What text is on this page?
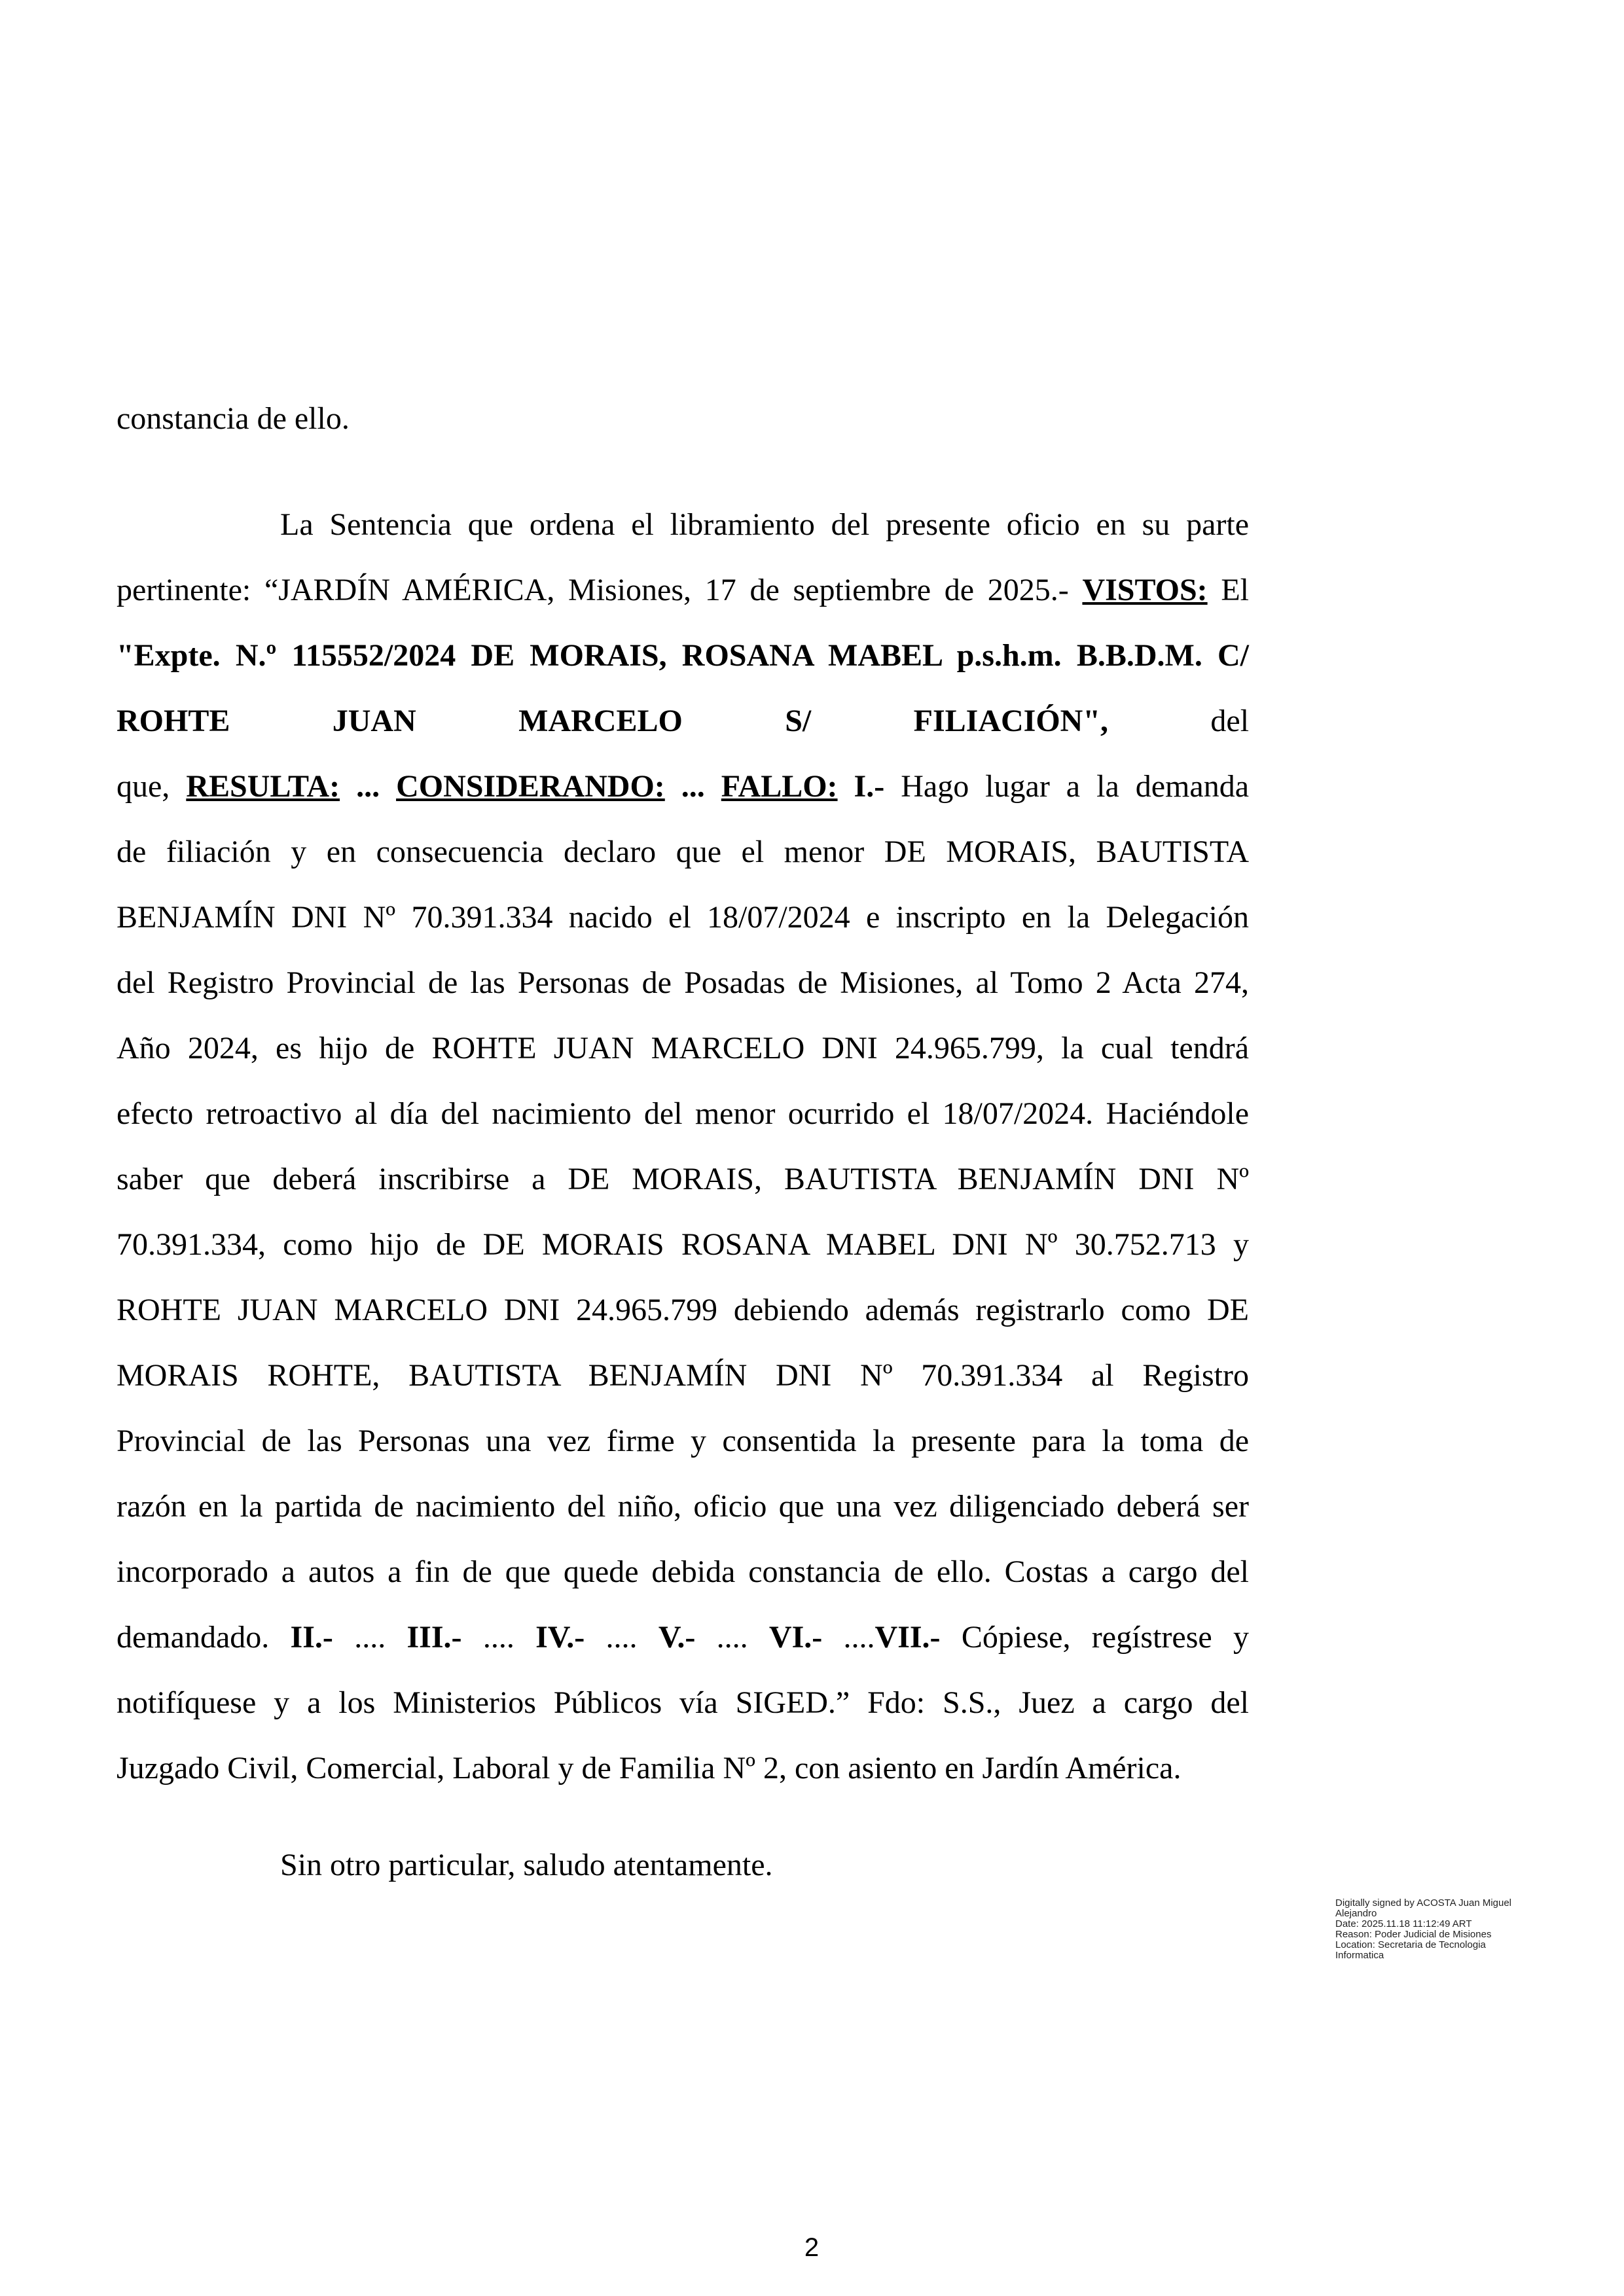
constancia de ello.

La Sentencia que ordena el libramiento del presente oficio en su parte
pertinente: “JARDÍN AMÉRICA, Misiones, 17 de septiembre de 2025.- VISTOS: El
"Expte. N.º 115552/2024 DE MORAIS, ROSANA MABEL p.s.h.m. B.B.D.M. C/
ROHTE	JUAN	MARCELO	S/	FILIACIÓN",	del
que, RESULTA: ... CONSIDERANDO: ... FALLO: I.- Hago lugar a la demanda
de filiación y en consecuencia declaro que el menor DE MORAIS, BAUTISTA
BENJAMÍN DNI Nº 70.391.334 nacido el 18/07/2024 e inscripto en la Delegación
del Registro Provincial de las Personas de Posadas de Misiones, al Tomo 2 Acta 274,
Año 2024, es hijo de ROHTE JUAN MARCELO DNI 24.965.799, la cual tendrá
efecto retroactivo al día del nacimiento del menor ocurrido el 18/07/2024. Haciéndole
saber que deberá inscribirse a DE MORAIS, BAUTISTA BENJAMÍN DNI Nº
70.391.334, como hijo de DE MORAIS ROSANA MABEL DNI Nº 30.752.713 y
ROHTE JUAN MARCELO DNI 24.965.799 debiendo además registrarlo como DE
MORAIS ROHTE, BAUTISTA BENJAMÍN DNI Nº 70.391.334 al Registro
Provincial de las Personas una vez firme y consentida la presente para la toma de
razón en la partida de nacimiento del niño, oficio que una vez diligenciado deberá ser
incorporado a autos a fin de que quede debida constancia de ello. Costas a cargo del
demandado. II.- .... III.- .... IV.- .... V.- .... VI.- ....VII.- Cópiese, regístrese y
notifíquese y a los Ministerios Públicos vía SIGED.” Fdo: S.S., Juez a cargo del
Juzgado Civil, Comercial, Laboral y de Familia Nº 2, con asiento en Jardín América.

Sin otro particular, saludo atentamente.

Digitally signed by ACOSTA Juan Miguel
Alejandro
Date: 2025.11.18 11:12:49 ART
Reason: Poder Judicial de Misiones
Location: Secretaria de Tecnologia
Informatica
2
